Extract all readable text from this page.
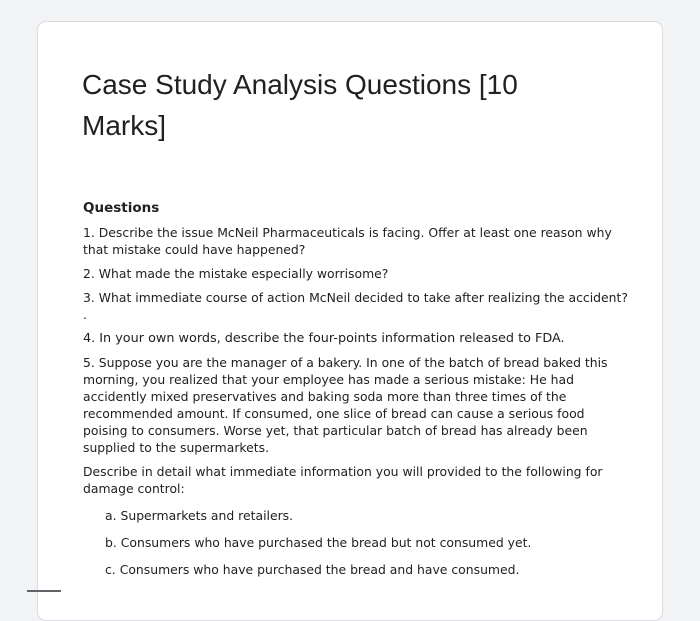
Case Study Analysis Questions [10 Marks]
Questions

1. Describe the issue McNeil Pharmaceuticals is facing. Offer at least one reason why that mistake could have happened?

2. What made the mistake especially worrisome?

3. What immediate course of action McNeil decided to take after realizing the accident? .

4. In your own words, describe the four-points information released to FDA.

5. Suppose you are the manager of a bakery. In one of the batch of bread baked this morning, you realized that your employee has made a serious mistake: He had accidently mixed preservatives and baking soda more than three times of the recommended amount. If consumed, one slice of bread can cause a serious food poising to consumers. Worse yet, that particular batch of bread has already been supplied to the supermarkets.

Describe in detail what immediate information you will provided to the following for damage control:

a. Supermarkets and retailers.

b. Consumers who have purchased the bread but not consumed yet.

c. Consumers who have purchased the bread and have consumed.
